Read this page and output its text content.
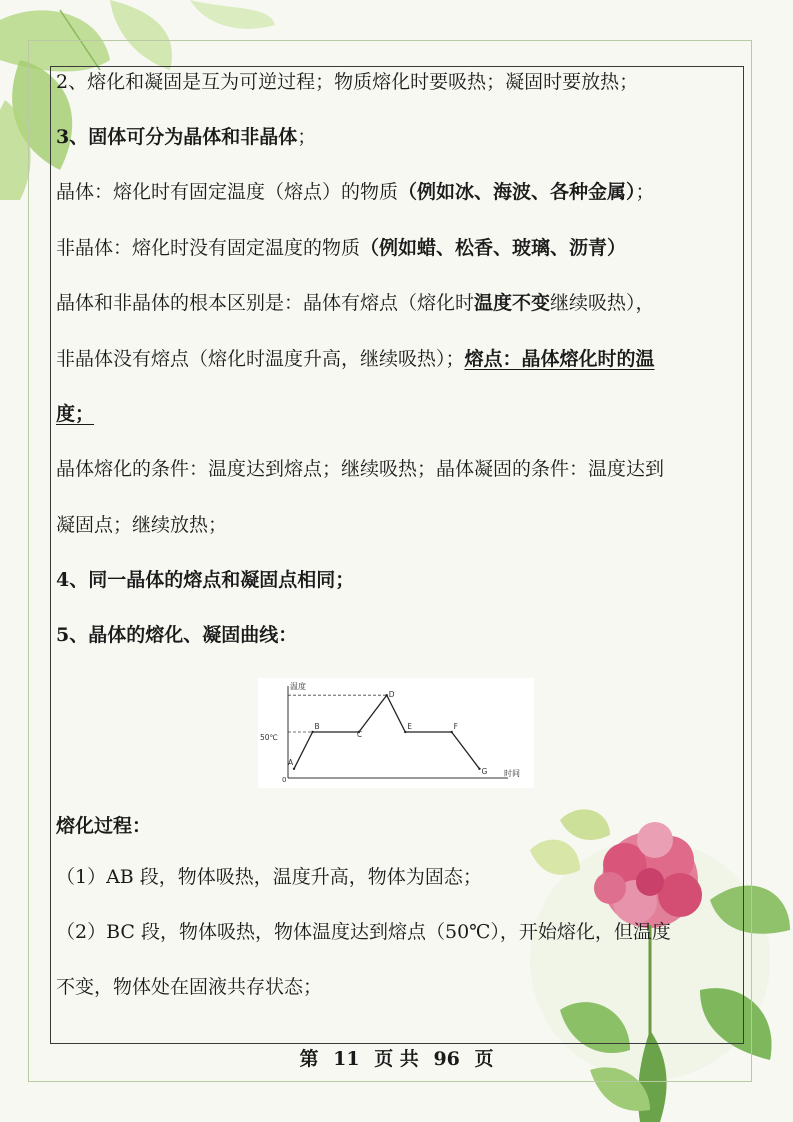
2、熔化和凝固是互为可逆过程；物质熔化时要吸热；凝固时要放热；
3、固体可分为晶体和非晶体；
晶体：熔化时有固定温度（熔点）的物质（例如冰、海波、各种金属）；
非晶体：熔化时没有固定温度的物质（例如蜡、松香、玻璃、沥青）
晶体和非晶体的根本区别是：晶体有熔点（熔化时温度不变继续吸热），
非晶体没有熔点（熔化时温度升高，继续吸热）；熔点：晶体熔化时的温
度；
晶体熔化的条件：温度达到熔点；继续吸热；晶体凝固的条件：温度达到
凝固点；继续放热；
4、同一晶体的熔点和凝固点相同；
5、晶体的熔化、凝固曲线：
熔化过程：
（1）AB 段，物体吸热，温度升高，物体为固态；
（2）BC 段，物体吸热，物体温度达到熔点（50℃），开始熔化，但温度
不变，物体处在固液共存状态；
温度
时间
50℃
0
A
B
C
D
E	F
G
第 11 页 共 96 页
